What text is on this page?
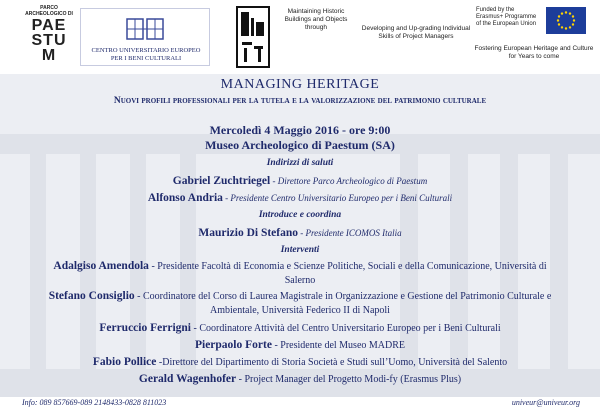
PARCO ARCHEOLOGICO DI
PAE STU M	CENTRO UNIVERSITARIO EUROPEO
PER I BENI CULTURALI
Maintaining Historic Buildings and Objects through	Developing and Up-grading Individual Skills of Project Managers
Funded by the Erasmus+ Programme of the European Union
Fostering European Heritage and Culture for Years to come
MANAGING HERITAGE
Nuovi profili professionali per la tutela e la valorizzazione del patrimonio culturale
Mercoledì 4 Maggio 2016 - ore 9:00
Museo Archeologico di Paestum (SA)
Indirizzi di saluti
Gabriel Zuchtriegel - Direttore Parco Archeologico di Paestum
Alfonso Andria - Presidente Centro Universitario Europeo per i Beni Culturali
Introduce e coordina
Maurizio Di Stefano - Presidente ICOMOS Italia
Interventi
Adalgiso Amendola - Presidente Facoltà di Economia e Scienze Politiche, Sociali e della Comunicazione, Università di Salerno
Stefano Consiglio - Coordinatore del Corso di Laurea Magistrale in Organizzazione e Gestione del Patrimonio Culturale e Ambientale, Università Federico II di Napoli
Ferruccio Ferrigni - Coordinatore Attività del Centro Universitario Europeo per i Beni Culturali
Pierpaolo Forte - Presidente del Museo MADRE
Fabio Pollice -Direttore del Dipartimento di Storia Società e Studi sull’Uomo, Università del Salento
Gerald Wagenhofer - Project Manager del Progetto Modi-fy (Erasmus Plus)
Info: 089 857669-089 2148433-0828 811023	univeur@univeur.org
